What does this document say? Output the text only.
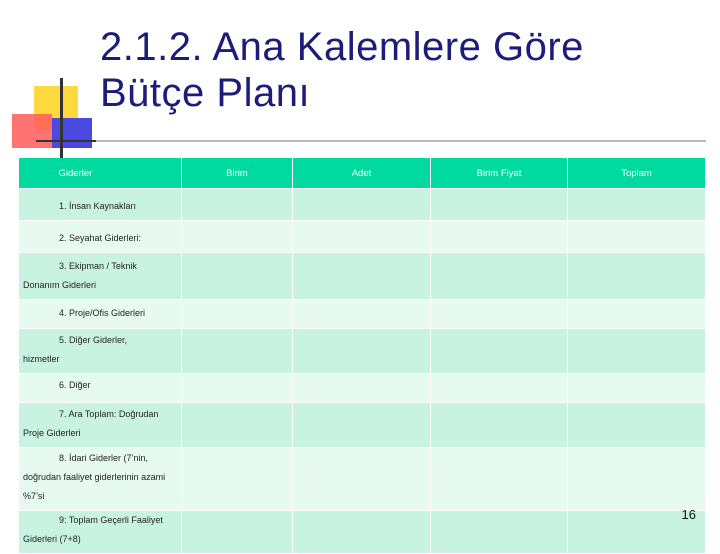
2.1.2. Ana Kalemlere Göre
Bütçe Planı
Giderler	Birim	Adet	Birim Fiyat	Toplam

1. İnsan Kaynakları				

2. Seyahat Giderleri:				

3. Ekipman / Teknik
Donanım Giderleri				

4. Proje/Ofis Giderleri				

5. Diğer Giderler,
hizmetler				

6. Diğer				

7. Ara Toplam: Doğrudan
Proje Giderleri				

8. İdari Giderler (7’nin,
doğrudan faaliyet giderlerinin azami %7’si				

9: Toplam Geçerli Faaliyet
Giderleri (7+8)				

16
